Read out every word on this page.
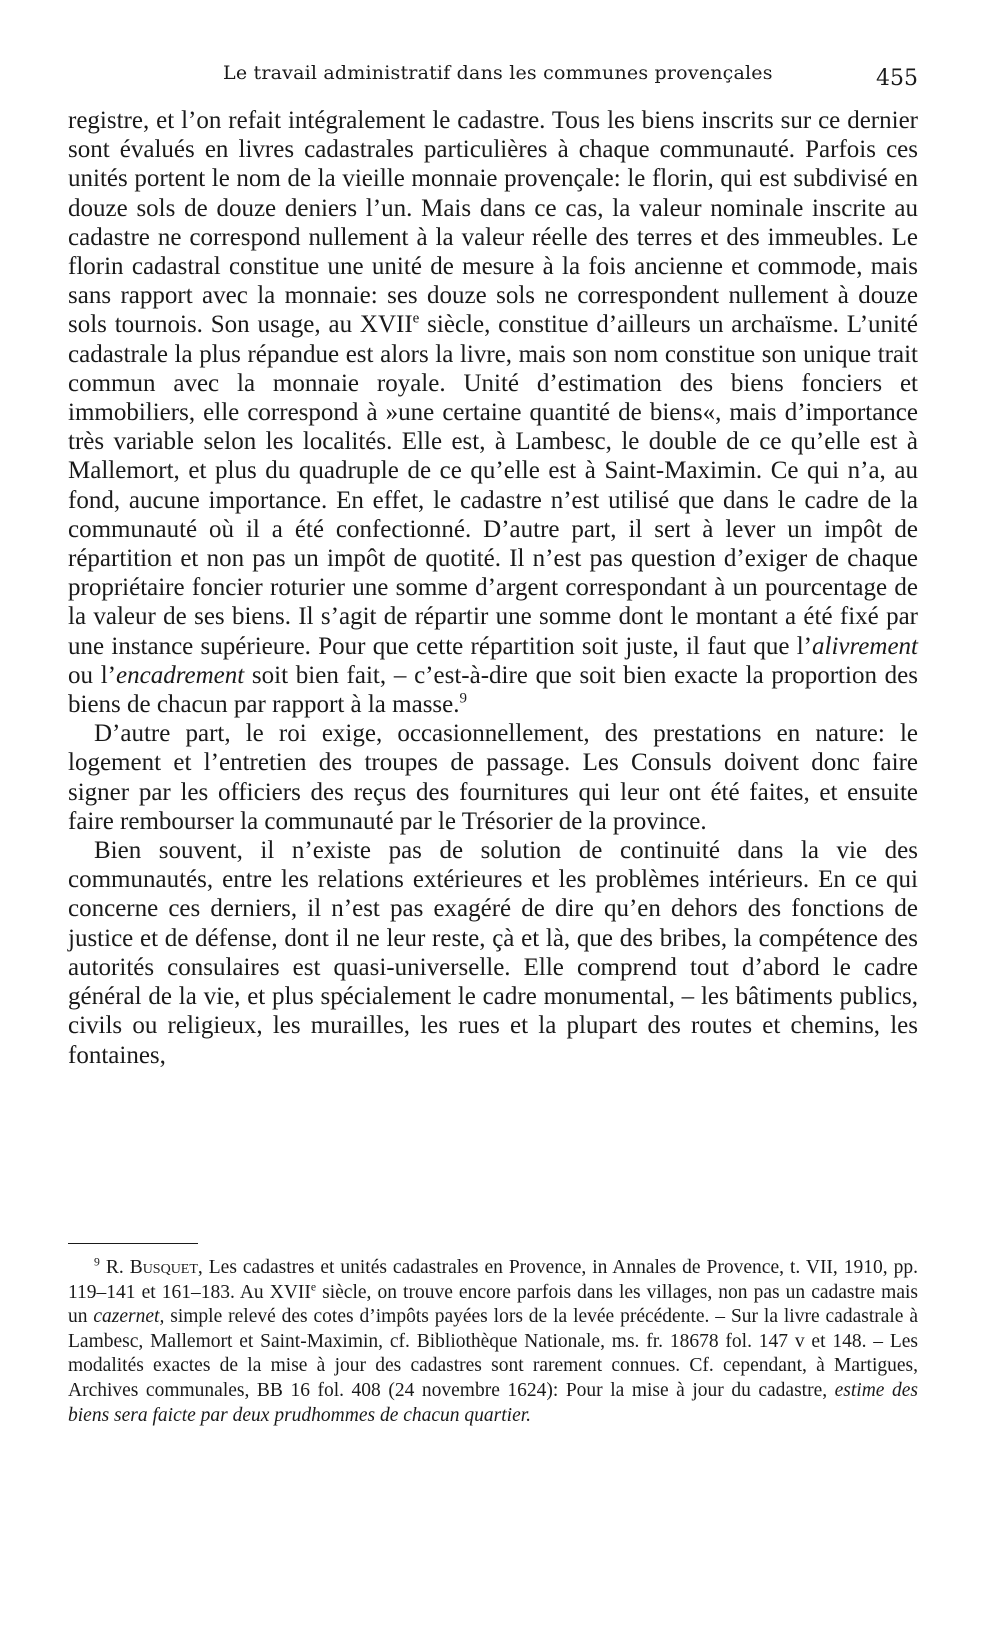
Le travail administratif dans les communes provençales	455

registre, et l’on refait intégralement le cadastre. Tous les biens inscrits sur ce dernier sont évalués en livres cadastrales particulières à chaque communauté. Parfois ces unités portent le nom de la vieille monnaie provençale: le florin, qui est subdivisé en douze sols de douze deniers l’un. Mais dans ce cas, la valeur nominale inscrite au cadastre ne correspond nullement à la valeur réelle des terres et des immeubles. Le florin cadastral constitue une unité de mesure à la fois ancienne et commode, mais sans rapport avec la monnaie: ses douze sols ne correspondent nullement à douze sols tournois. Son usage, au XVIIe siècle, constitue d’ailleurs un archaïsme. L’unité cadastrale la plus répandue est alors la livre, mais son nom constitue son unique trait commun avec la monnaie royale. Unité d’estimation des biens fonciers et immobiliers, elle correspond à »une certaine quantité de biens«, mais d’importance très variable selon les localités. Elle est, à Lambesc, le double de ce qu’elle est à Mallemort, et plus du quadruple de ce qu’elle est à Saint-Maximin. Ce qui n’a, au fond, aucune importance. En effet, le cadastre n’est utilisé que dans le cadre de la communauté où il a été confectionné. D’autre part, il sert à lever un impôt de répartition et non pas un impôt de quotité. Il n’est pas question d’exiger de chaque propriétaire foncier roturier une somme d’argent correspondant à un pourcentage de la valeur de ses biens. Il s’agit de répartir une somme dont le montant a été fixé par une instance supérieure. Pour que cette répartition soit juste, il faut que l’alivrement ou l’encadrement soit bien fait, – c’est-à-dire que soit bien exacte la proportion des biens de chacun par rapport à la masse.$^9$

D’autre part, le roi exige, occasionnellement, des prestations en nature: le logement et l’entretien des troupes de passage. Les Consuls doivent donc faire signer par les officiers des reçus des fournitures qui leur ont été faites, et ensuite faire rembourser la communauté par le Trésorier de la province.

Bien souvent, il n’existe pas de solution de continuité dans la vie des communautés, entre les relations extérieures et les problèmes intérieurs. En ce qui concerne ces derniers, il n’est pas exagéré de dire qu’en dehors des fonctions de justice et de défense, dont il ne leur reste, çà et là, que des bribes, la compétence des autorités consulaires est quasi-universelle. Elle comprend tout d’abord le cadre général de la vie, et plus spécialement le cadre monumental, – les bâtiments publics, civils ou religieux, les murailles, les rues et la plupart des routes et chemins, les fontaines,

$^9$ R. Busquet, Les cadastres et unités cadastrales en Provence, in Annales de Provence, t. VII, 1910, pp. 119–141 et 161–183. Au XVIIe siècle, on trouve encore parfois dans les villages, non pas un cadastre mais un cazernet, simple relevé des cotes d’impôts payées lors de la levée précédente. – Sur la livre cadastrale à Lambesc, Mallemort et Saint-Maximin, cf. Bibliothèque Nationale, ms. fr. 18678 fol. 147 v et 148. – Les modalités exactes de la mise à jour des cadastres sont rarement connues. Cf. cependant, à Martigues, Archives communales, BB 16 fol. 408 (24 novembre 1624): Pour la mise à jour du cadastre, estime des biens sera faicte par deux prudhommes de chacun quartier.
